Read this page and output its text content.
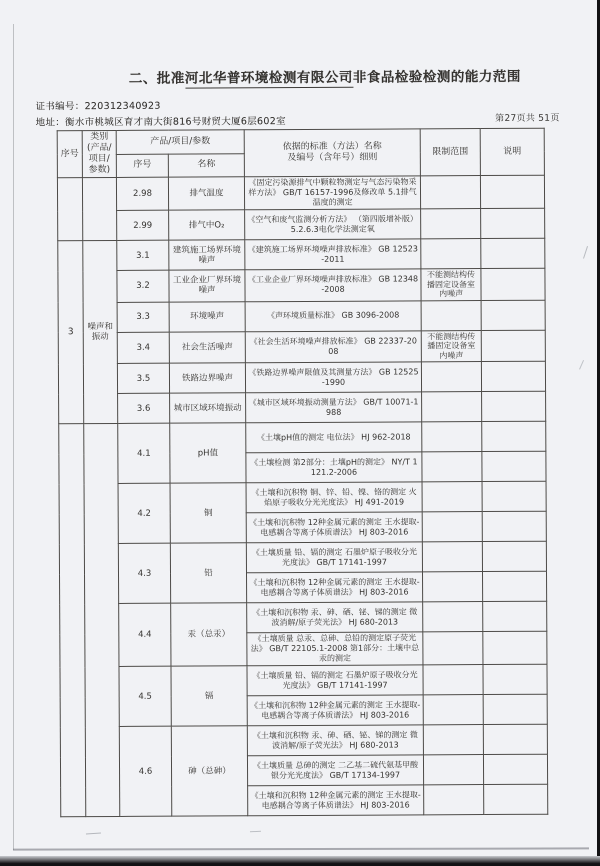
二、批准河北华普环境检测有限公司非食品检验检测的能力范围
证书编号：220312340923
地址：衡水市桃城区育才南大街816号财贸大厦6层602室	第27页共 51页
序号	类别(产品/项目/参数)	产品/项目/参数		依据的标准（方法）名称
及编号（含年号）细则	限制范围	说明
		序号	名称			
		2.98	排气温度	《固定污染源排气中颗粒物测定与气态污染物采样方法》 GB/T 16157-1996及修改单 5.1排气温度的测定		
		2.99	排气中O₂	《空气和废气监测分析方法》 （第四版增补版） 5.2.6.3电化学法测定氧		
3	噪声和振动	3.1	建筑施工场界环境噪声	《建筑施工场界环境噪声排放标准》 GB 12523-2011		
		3.2	工业企业厂界环境噪声	《工业企业厂界环境噪声排放标准》 GB 12348-2008	不能测结构传播固定设备室内噪声	
		3.3	环境噪声	《声环境质量标准》 GB 3096-2008		
		3.4	社会生活噪声	《社会生活环境噪声排放标准》 GB 22337-2008	不能测结构传播固定设备室内噪声	
		3.5	铁路边界噪声	《铁路边界噪声限值及其测量方法》 GB 12525-1990		
		3.6	城市区域环境振动	《城市区域环境振动测量方法》 GB/T 10071-1988		
		4.1	pH值	《土壤pH值的测定 电位法》 HJ 962-2018		
				《土壤检测 第2部分：土壤pH的测定》 NY/T 1121.2-2006		
		4.2	铜	《土壤和沉积物 铜、锌、铅、镍、铬的测定 火焰原子吸收分光光度法》 HJ 491-2019		
				《土壤和沉积物 12种金属元素的测定 王水提取-电感耦合等离子体质谱法》 HJ 803-2016		
		4.3	铅	《土壤质量 铅、镉的测定 石墨炉原子吸收分光光度法》 GB/T 17141-1997		
				《土壤和沉积物 12种金属元素的测定 王水提取-电感耦合等离子体质谱法》 HJ 803-2016		
		4.4	汞（总汞）	《土壤和沉积物 汞、砷、硒、铋、锑的测定 微波消解/原子荧光法》 HJ 680-2013		
				《土壤质量 总汞、总砷、总铅的测定原子荧光法》 GB/T 22105.1-2008 第1部分：土壤中总汞的测定		
		4.5	镉	《土壤质量 铅、镉的测定 石墨炉原子吸收分光光度法》 GB/T 17141-1997		
				《土壤和沉积物 12种金属元素的测定 王水提取-电感耦合等离子体质谱法》 HJ 803-2016		
		4.6	砷（总砷）	《土壤和沉积物 汞、砷、硒、铋、锑的测定 微波消解/原子荧光法》 HJ 680-2013		
				《土壤质量 总砷的测定 二乙基二硫代氨基甲酸银分光光度法》 GB/T 17134-1997		
				《土壤和沉积物 12种金属元素的测定 王水提取-电感耦合等离子体质谱法》 HJ 803-2016		
